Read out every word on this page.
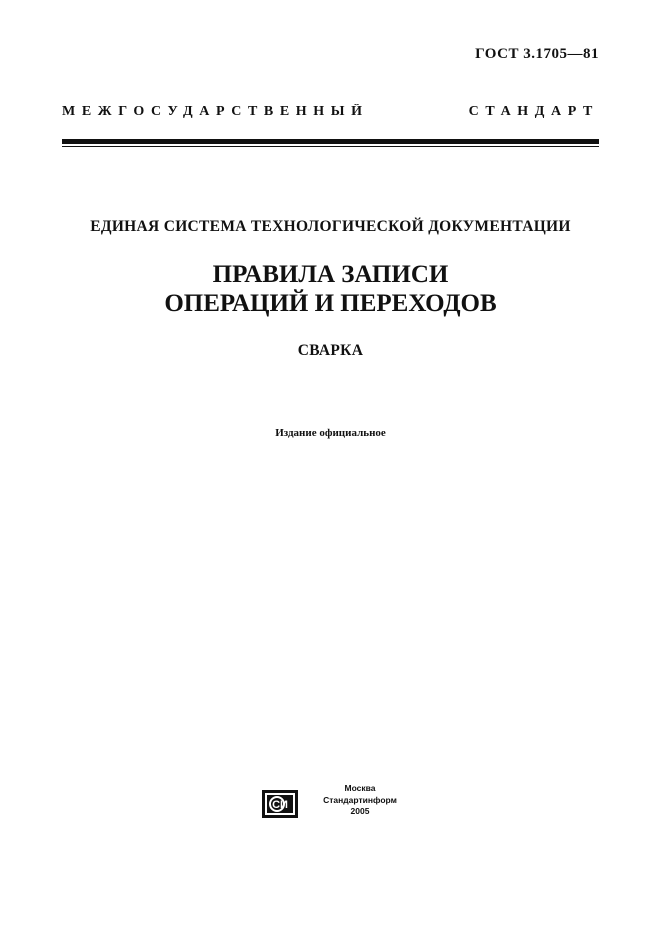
ГОСТ 3.1705—81
МЕЖГОСУДАРСТВЕННЫЙ СТАНДАРТ
ЕДИНАЯ СИСТЕМА ТЕХНОЛОГИЧЕСКОЙ ДОКУМЕНТАЦИИ
ПРАВИЛА ЗАПИСИ
ОПЕРАЦИЙ И ПЕРЕХОДОВ
СВАРКА
Издание официальное
СИ
Москва
Стандартинформ
2005
